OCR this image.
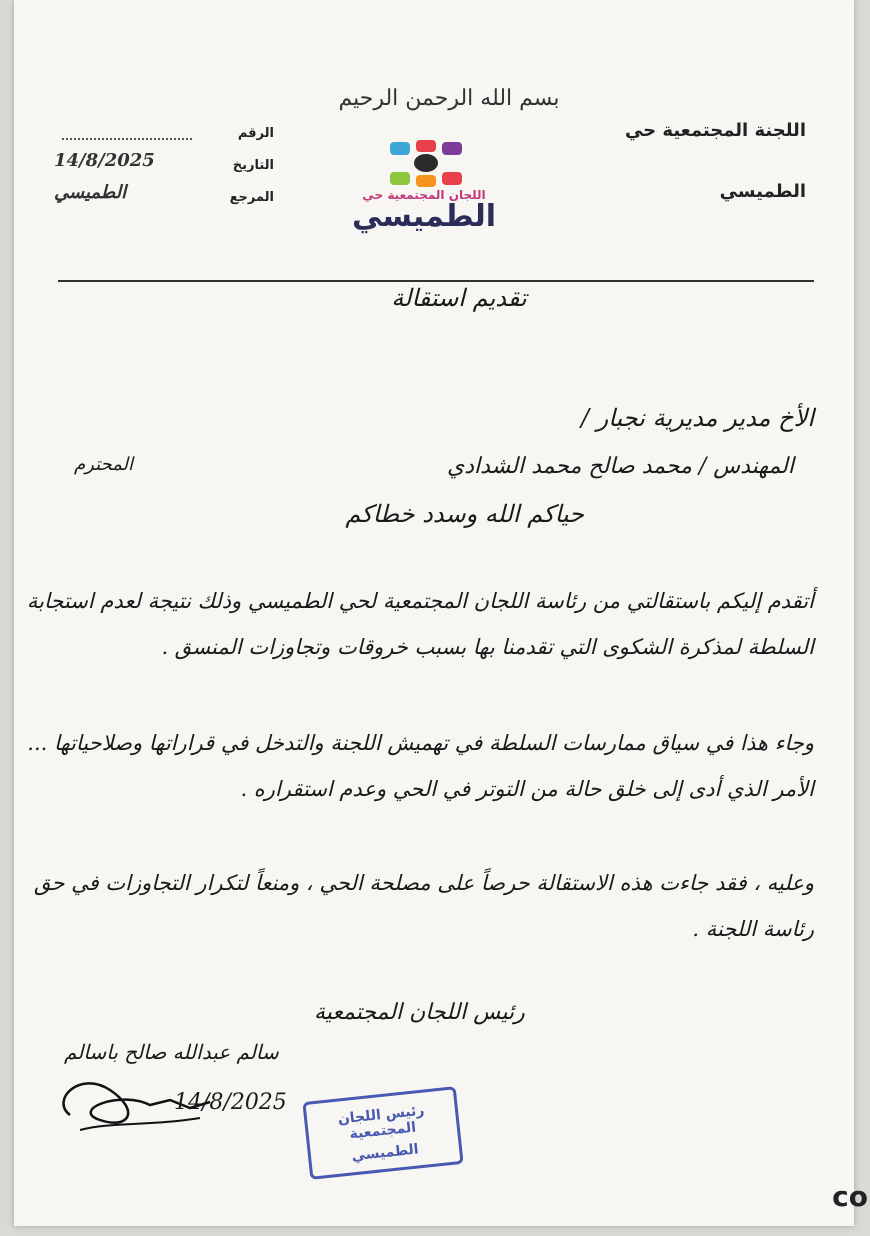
بسم الله الرحمن الرحيم
اللجنة المجتمعية حي
الطميسي
اللجان المجتمعية حي
الطميسي
الرقم
التاريخ
14/8/2025
المرجع
الطميسي
تقديم استقالة
الأخ مدير مديرية نجبار /
المهندس / محمد صالح محمد الشدادي
المحترم
حياكم الله وسدد خطاكم
أتقدم إليكم باستقالتي من رئاسة اللجان المجتمعية لحي الطميسي وذلك نتيجة لعدم استجابة السلطة لمذكرة الشكوى التي تقدمنا بها بسبب خروقات وتجاوزات المنسق .
وجاء هذا في سياق ممارسات السلطة في تهميش اللجنة والتدخل في قراراتها وصلاحياتها ... الأمر الذي أدى إلى خلق حالة من التوتر في الحي وعدم استقراره .
وعليه ، فقد جاءت هذه الاستقالة حرصاً على مصلحة الحي ، ومنعاً لتكرار التجاوزات في حق رئاسة اللجنة .
رئيس اللجان المجتمعية
سالم عبدالله صالح باسالم
14/8/2025
رئيس اللجان المجتمعية
الطميسي
co
